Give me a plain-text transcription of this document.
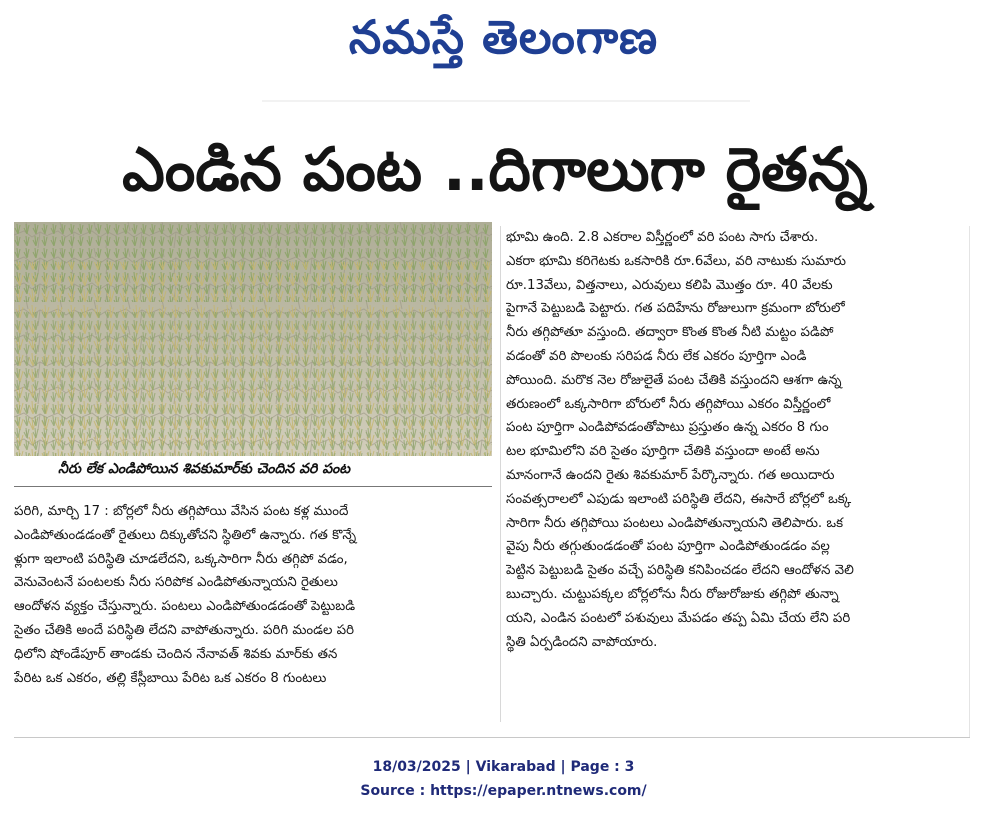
నమస్తే తెలంగాణ
ఎండిన పంట ..దిగాలుగా రైతన్న
నీరు లేక ఎండిపోయిన శివకుమార్‌కు చెందిన వరి పంట
పరిగి, మార్చి 17 : బోర్లలో నీరు తగ్గిపోయి వేసిన పంట కళ్ల ముందే
ఎండిపోతుండడంతో రైతులు దిక్కుతోచని స్థితిలో ఉన్నారు. గత కొన్నే
ళ్లుగా ఇలాంటి పరిస్థితి చూడలేదని, ఒక్కసారిగా నీరు తగ్గిపో వడం,
వెనువెంటనే పంటలకు నీరు సరిపోక ఎండిపోతున్నాయని రైతులు
ఆందోళన వ్యక్తం చేస్తున్నారు. పంటలు ఎండిపోతుండడంతో పెట్టుబడి
సైతం చేతికి అందే పరిస్థితి లేదని వాపోతున్నారు. పరిగి మండల పరి
ధిలోని షోండేపూర్ తాండకు చెందిన నేనావత్ శివకు మార్‌కు తన
పేరిట ఒక ఎకరం, తల్లి కేస్లీబాయి పేరిట ఒక ఎకరం 8 గుంటలు
భూమి ఉంది. 2.8 ఎకరాల విస్తీర్ణంలో వరి పంట సాగు చేశారు.
ఎకరా భూమి కరిగెటకు ఒకసారికి రూ.6వేలు, వరి నాటుకు సుమారు
రూ.13వేలు, విత్తనాలు, ఎరువులు కలిపి మొత్తం రూ. 40 వేలకు
పైగానే పెట్టుబడి పెట్టారు. గత పదిహేను రోజులుగా క్రమంగా బోరులో
నీరు తగ్గిపోతూ వస్తుంది. తద్వారా కొంత కొంత నీటి మట్టం పడిపో
వడంతో వరి పొలంకు సరిపడ నీరు లేక ఎకరం పూర్తిగా ఎండి
పోయింది. మరొక నెల రోజులైతే పంట చేతికి వస్తుందని ఆశగా ఉన్న
తరుణంలో ఒక్కసారిగా బోరులో నీరు తగ్గిపోయి ఎకరం విస్తీర్ణంలో
పంట పూర్తిగా ఎండిపోవడంతోపాటు ప్రస్తుతం ఉన్న ఎకరం 8 గుం
టల భూమిలోని వరి సైతం పూర్తిగా చేతికి వస్తుందా అంటే అను
మానంగానే ఉందని రైతు శివకుమార్ పేర్కొన్నారు. గత అయిదారు
సంవత్సరాలలో ఎపుడు ఇలాంటి పరిస్థితి లేదని, ఈసారే బోర్లలో ఒక్క
సారిగా నీరు తగ్గిపోయి పంటలు ఎండిపోతున్నాయని తెలిపారు. ఒక
వైపు నీరు తగ్గుతుండడంతో పంట పూర్తిగా ఎండిపోతుండడం వల్ల
పెట్టిన పెట్టుబడి సైతం వచ్చే పరిస్థితి కనిపించడం లేదని ఆందోళన వెలి
బుచ్చారు. చుట్టుపక్కల బోర్లలోను నీరు రోజురోజుకు తగ్గిపో తున్నా
యని, ఎండిన పంటలో పశువులు మేపడం తప్ప ఏమి చేయ లేని పరి
స్థితి ఏర్పడిందని వాపోయారు.
18/03/2025 | Vikarabad | Page : 3
Source : https://epaper.ntnews.com/
